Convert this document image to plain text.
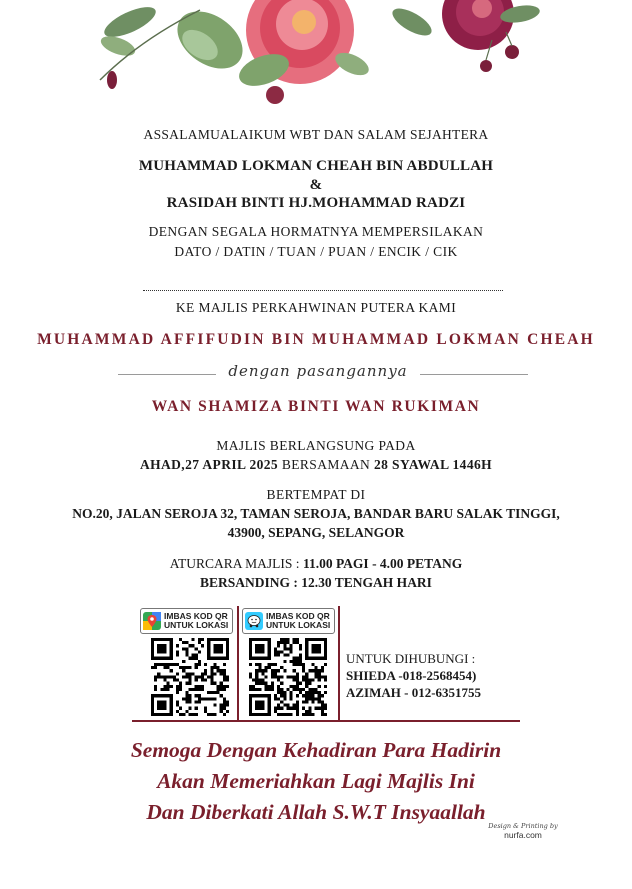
ASSALAMUALAIKUM WBT DAN SALAM SEJAHTERA
MUHAMMAD LOKMAN CHEAH BIN ABDULLAH
&
RASIDAH BINTI HJ.MOHAMMAD RADZI
DENGAN SEGALA HORMATNYA MEMPERSILAKAN
DATO / DATIN / TUAN / PUAN / ENCIK / CIK
KE MAJLIS PERKAHWINAN PUTERA KAMI
MUHAMMAD AFFIFUDIN BIN MUHAMMAD LOKMAN CHEAH
dengan pasangannya
WAN SHAMIZA BINTI WAN RUKIMAN
MAJLIS BERLANGSUNG PADA
AHAD,27 APRIL 2025 BERSAMAAN 28 SYAWAL 1446H
BERTEMPAT DI
NO.20, JALAN SEROJA 32, TAMAN SEROJA, BANDAR BARU SALAK TINGGI,
43900, SEPANG, SELANGOR
ATURCARA MAJLIS : 11.00 PAGI - 4.00 PETANG
BERSANDING : 12.30 TENGAH HARI
IMBAS KOD QR
UNTUK LOKASI
IMBAS KOD QR
UNTUK LOKASI
UNTUK DIHUBUNGI :
SHIEDA -018-2568454)
AZIMAH - 012-6351755
Semoga Dengan Kehadiran Para Hadirin
Akan Memeriahkan Lagi Majlis Ini
Dan Diberkati Allah S.W.T Insyaallah
Design & Printing by
nurfa.com
